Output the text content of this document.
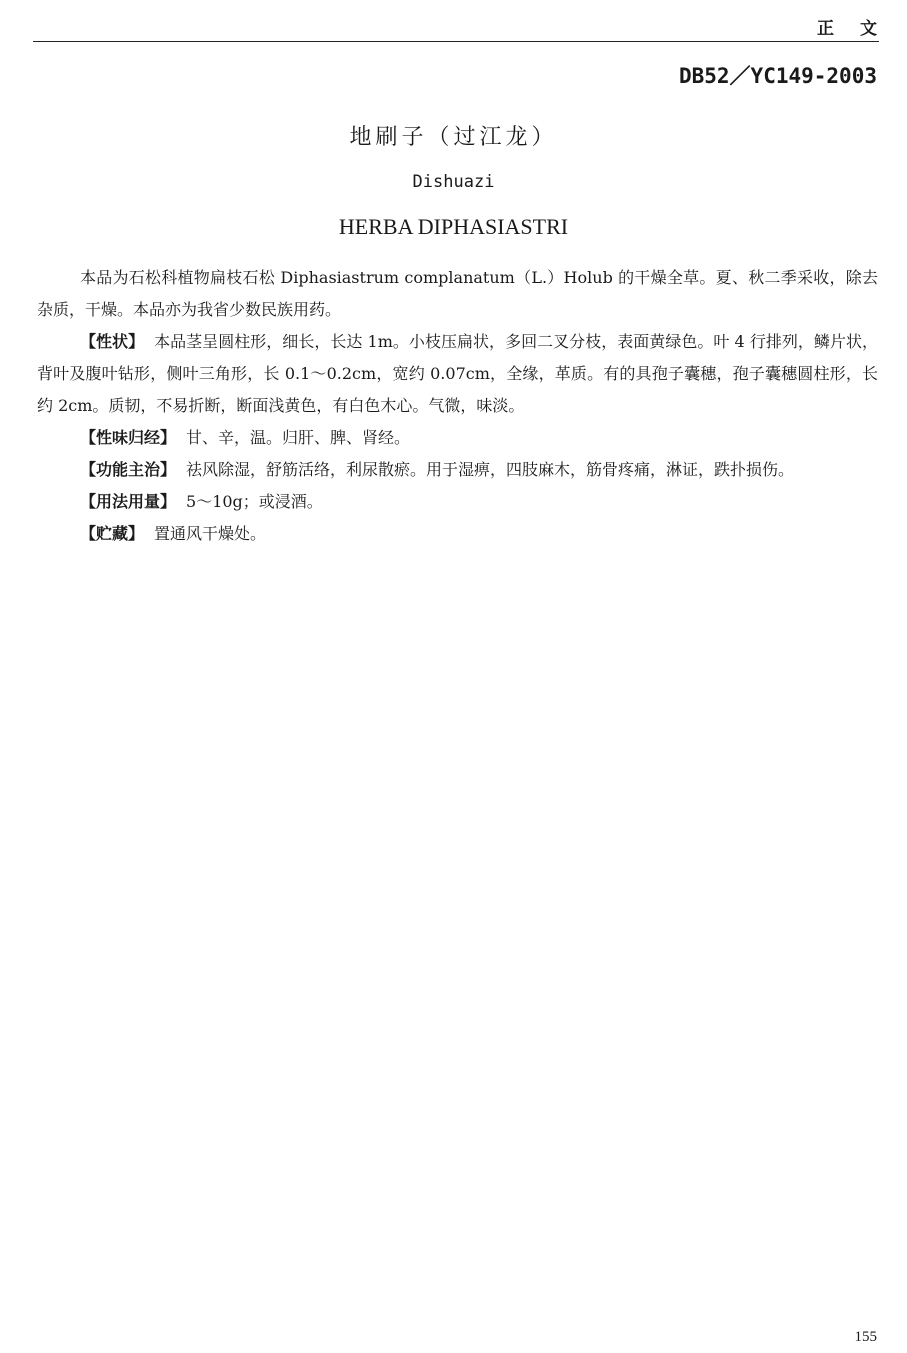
正文
DB52／YC149-2003
地刷子（过江龙）
Dishuazi
HERBA DIPHASIASTRI

本品为石松科植物扁枝石松 Diphasiastrum complanatum（L.）Holub 的干燥全草。夏、秋二季采收，除去杂质，干燥。本品亦为我省少数民族用药。

【性状】 本品茎呈圆柱形，细长，长达 1m。小枝压扁状，多回二叉分枝，表面黄绿色。叶 4 行排列，鳞片状，背叶及腹叶钻形，侧叶三角形，长 0.1～0.2cm，宽约 0.07cm，全缘，革质。有的具孢子囊穗，孢子囊穗圆柱形，长约 2cm。质韧，不易折断，断面浅黄色，有白色木心。气微，味淡。

【性味归经】 甘、辛，温。归肝、脾、肾经。

【功能主治】 祛风除湿，舒筋活络，利尿散瘀。用于湿痹，四肢麻木，筋骨疼痛，淋证，跌扑损伤。

【用法用量】 5～10g；或浸酒。

【贮藏】 置通风干燥处。

155
